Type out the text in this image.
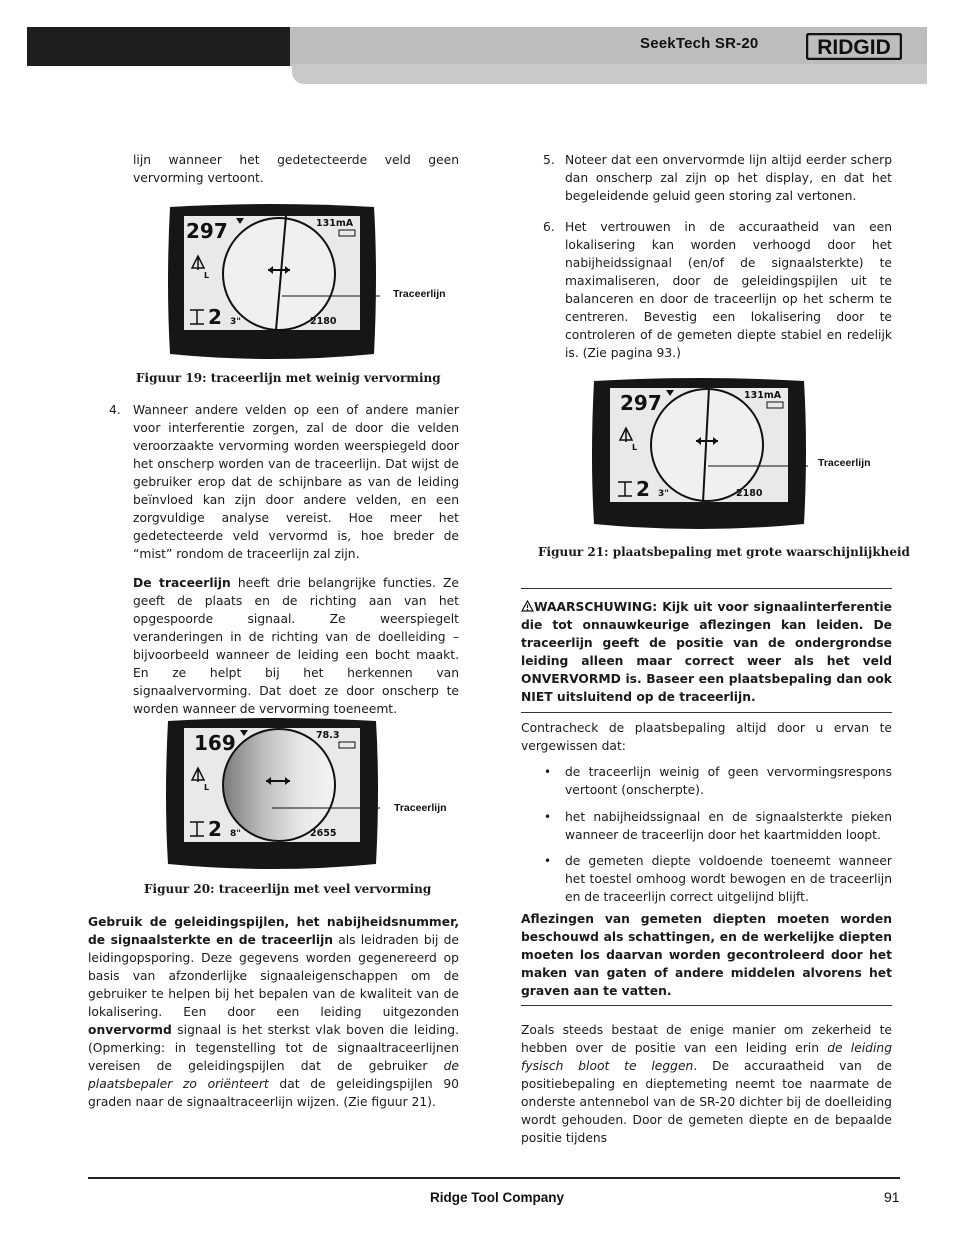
SeekTech SR-20	RIDGID

lijn wanneer het gedetecteerde veld geen vervorming vertoont.

297	131mA
L
2 3"	2180
Traceerlijn
Figuur 19: traceerlijn met weinig vervorming
4. Wanneer andere velden op een of andere manier voor interferentie zorgen, zal de door die velden veroorzaakte vervorming worden weerspiegeld door het onscherp worden van de traceerlijn. Dat wijst de gebruiker erop dat de schijnbare as van de leiding beïnvloed kan zijn door andere velden, en een zorgvuldige analyse vereist. Hoe meer het gedetecteerde veld vervormd is, hoe breder de “mist” rondom de traceerlijn zal zijn.

De traceerlijn heeft drie belangrijke functies. Ze geeft de plaats en de richting aan van het opgespoorde signaal. Ze weerspiegelt veranderingen in de richting van de doelleiding – bijvoorbeeld wanneer de leiding een bocht maakt. En ze helpt bij het herkennen van signaalvervorming. Dat doet ze door onscherp te worden wanneer de vervorming toeneemt.

169	78.3
L
2 8"	2655
Traceerlijn
Figuur 20: traceerlijn met veel vervorming

Gebruik de geleidingspijlen, het nabijheidsnummer, de signaalsterkte en de traceerlijn als leidraden bij de leidingopsporing. Deze gegevens worden gegenereerd op basis van afzonderlijke signaaleigenschappen om de gebruiker te helpen bij het bepalen van de kwaliteit van de lokalisering. Een door een leiding uitgezonden onvervormd signaal is het sterkst vlak boven die leiding. (Opmerking: in tegenstelling tot de signaaltraceerlijnen vereisen de geleidingspijlen dat de gebruiker de plaatsbepaler zo oriënteert dat de geleidingspijlen 90 graden naar de signaaltraceerlijn wijzen. (Zie figuur 21).

5. Noteer dat een onvervormde lijn altijd eerder scherp dan onscherp zal zijn op het display, en dat het begeleidende geluid geen storing zal vertonen.

6. Het vertrouwen in de accuraatheid van een lokalisering kan worden verhoogd door het nabijheidssignaal (en/of de signaalsterkte) te maximaliseren, door de geleidingspijlen uit te balanceren en door de traceerlijn op het scherm te centreren. Bevestig een lokalisering door te controleren of de gemeten diepte stabiel en redelijk is. (Zie pagina 93.)

297	131mA
L
2 3"	2180
Traceerlijn
Figuur 21: plaatsbepaling met grote waarschijnlijkheid

WAARSCHUWING: Kijk uit voor signaalinterferentie die tot onnauwkeurige aflezingen kan leiden. De traceerlijn geeft de positie van de ondergrondse leiding alleen maar correct weer als het veld ONVERVORMD is. Baseer een plaatsbepaling dan ook NIET uitsluitend op de traceerlijn.

Contracheck de plaatsbepaling altijd door u ervan te vergewissen dat:

• de traceerlijn weinig of geen vervormingsrespons vertoont (onscherpte).

• het nabijheidssignaal en de signaalsterkte pieken wanneer de traceerlijn door het kaartmidden loopt.

• de gemeten diepte voldoende toeneemt wanneer het toestel omhoog wordt bewogen en de traceerlijn en de traceerlijn correct uitgelijnd blijft.

Aflezingen van gemeten diepten moeten worden beschouwd als schattingen, en de werkelijke diepten moeten los daarvan worden gecontroleerd door het maken van gaten of andere middelen alvorens het graven aan te vatten.

Zoals steeds bestaat de enige manier om zekerheid te hebben over de positie van een leiding erin de leiding fysisch bloot te leggen. De accuraatheid van de positiebepaling en dieptemeting neemt toe naarmate de onderste antennebol van de SR-20 dichter bij de doelleiding wordt gehouden. Door de gemeten diepte en de bepaalde positie tijdens

Ridge Tool Company	91
